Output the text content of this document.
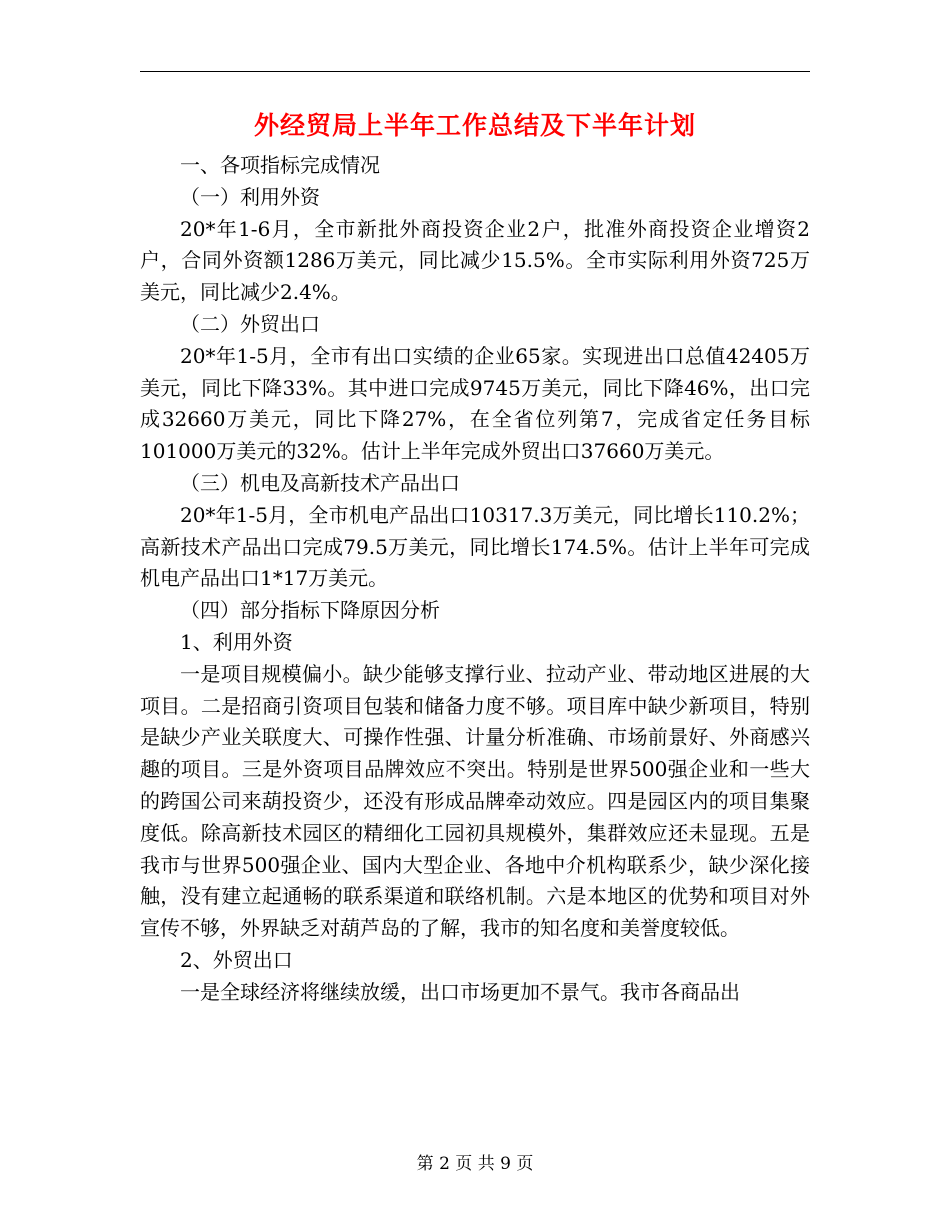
外经贸局上半年工作总结及下半年计划

一、各项指标完成情况

（一）利用外资

20*年1-6月，全市新批外商投资企业2户，批准外商投资企业增资2户，合同外资额1286万美元，同比减少15.5%。全市实际利用外资725万美元，同比减少2.4%。

（二）外贸出口

20*年1-5月，全市有出口实绩的企业65家。实现进出口总值42405万美元，同比下降33%。其中进口完成9745万美元，同比下降46%，出口完成32660万美元，同比下降27%，在全省位列第7，完成省定任务目标101000万美元的32%。估计上半年完成外贸出口37660万美元。

（三）机电及高新技术产品出口

20*年1-5月，全市机电产品出口10317.3万美元，同比增长110.2%；高新技术产品出口完成79.5万美元，同比增长174.5%。估计上半年可完成机电产品出口1*17万美元。

（四）部分指标下降原因分析

1、利用外资

一是项目规模偏小。缺少能够支撑行业、拉动产业、带动地区进展的大项目。二是招商引资项目包装和储备力度不够。项目库中缺少新项目，特别是缺少产业关联度大、可操作性强、计量分析准确、市场前景好、外商感兴趣的项目。三是外资项目品牌效应不突出。特别是世界500强企业和一些大的跨国公司来葫投资少，还没有形成品牌牵动效应。四是园区内的项目集聚度低。除高新技术园区的精细化工园初具规模外，集群效应还未显现。五是我市与世界500强企业、国内大型企业、各地中介机构联系少，缺少深化接触，没有建立起通畅的联系渠道和联络机制。六是本地区的优势和项目对外宣传不够，外界缺乏对葫芦岛的了解，我市的知名度和美誉度较低。

2、外贸出口

一是全球经济将继续放缓，出口市场更加不景气。我市各商品出

第 2 页 共 9 页
